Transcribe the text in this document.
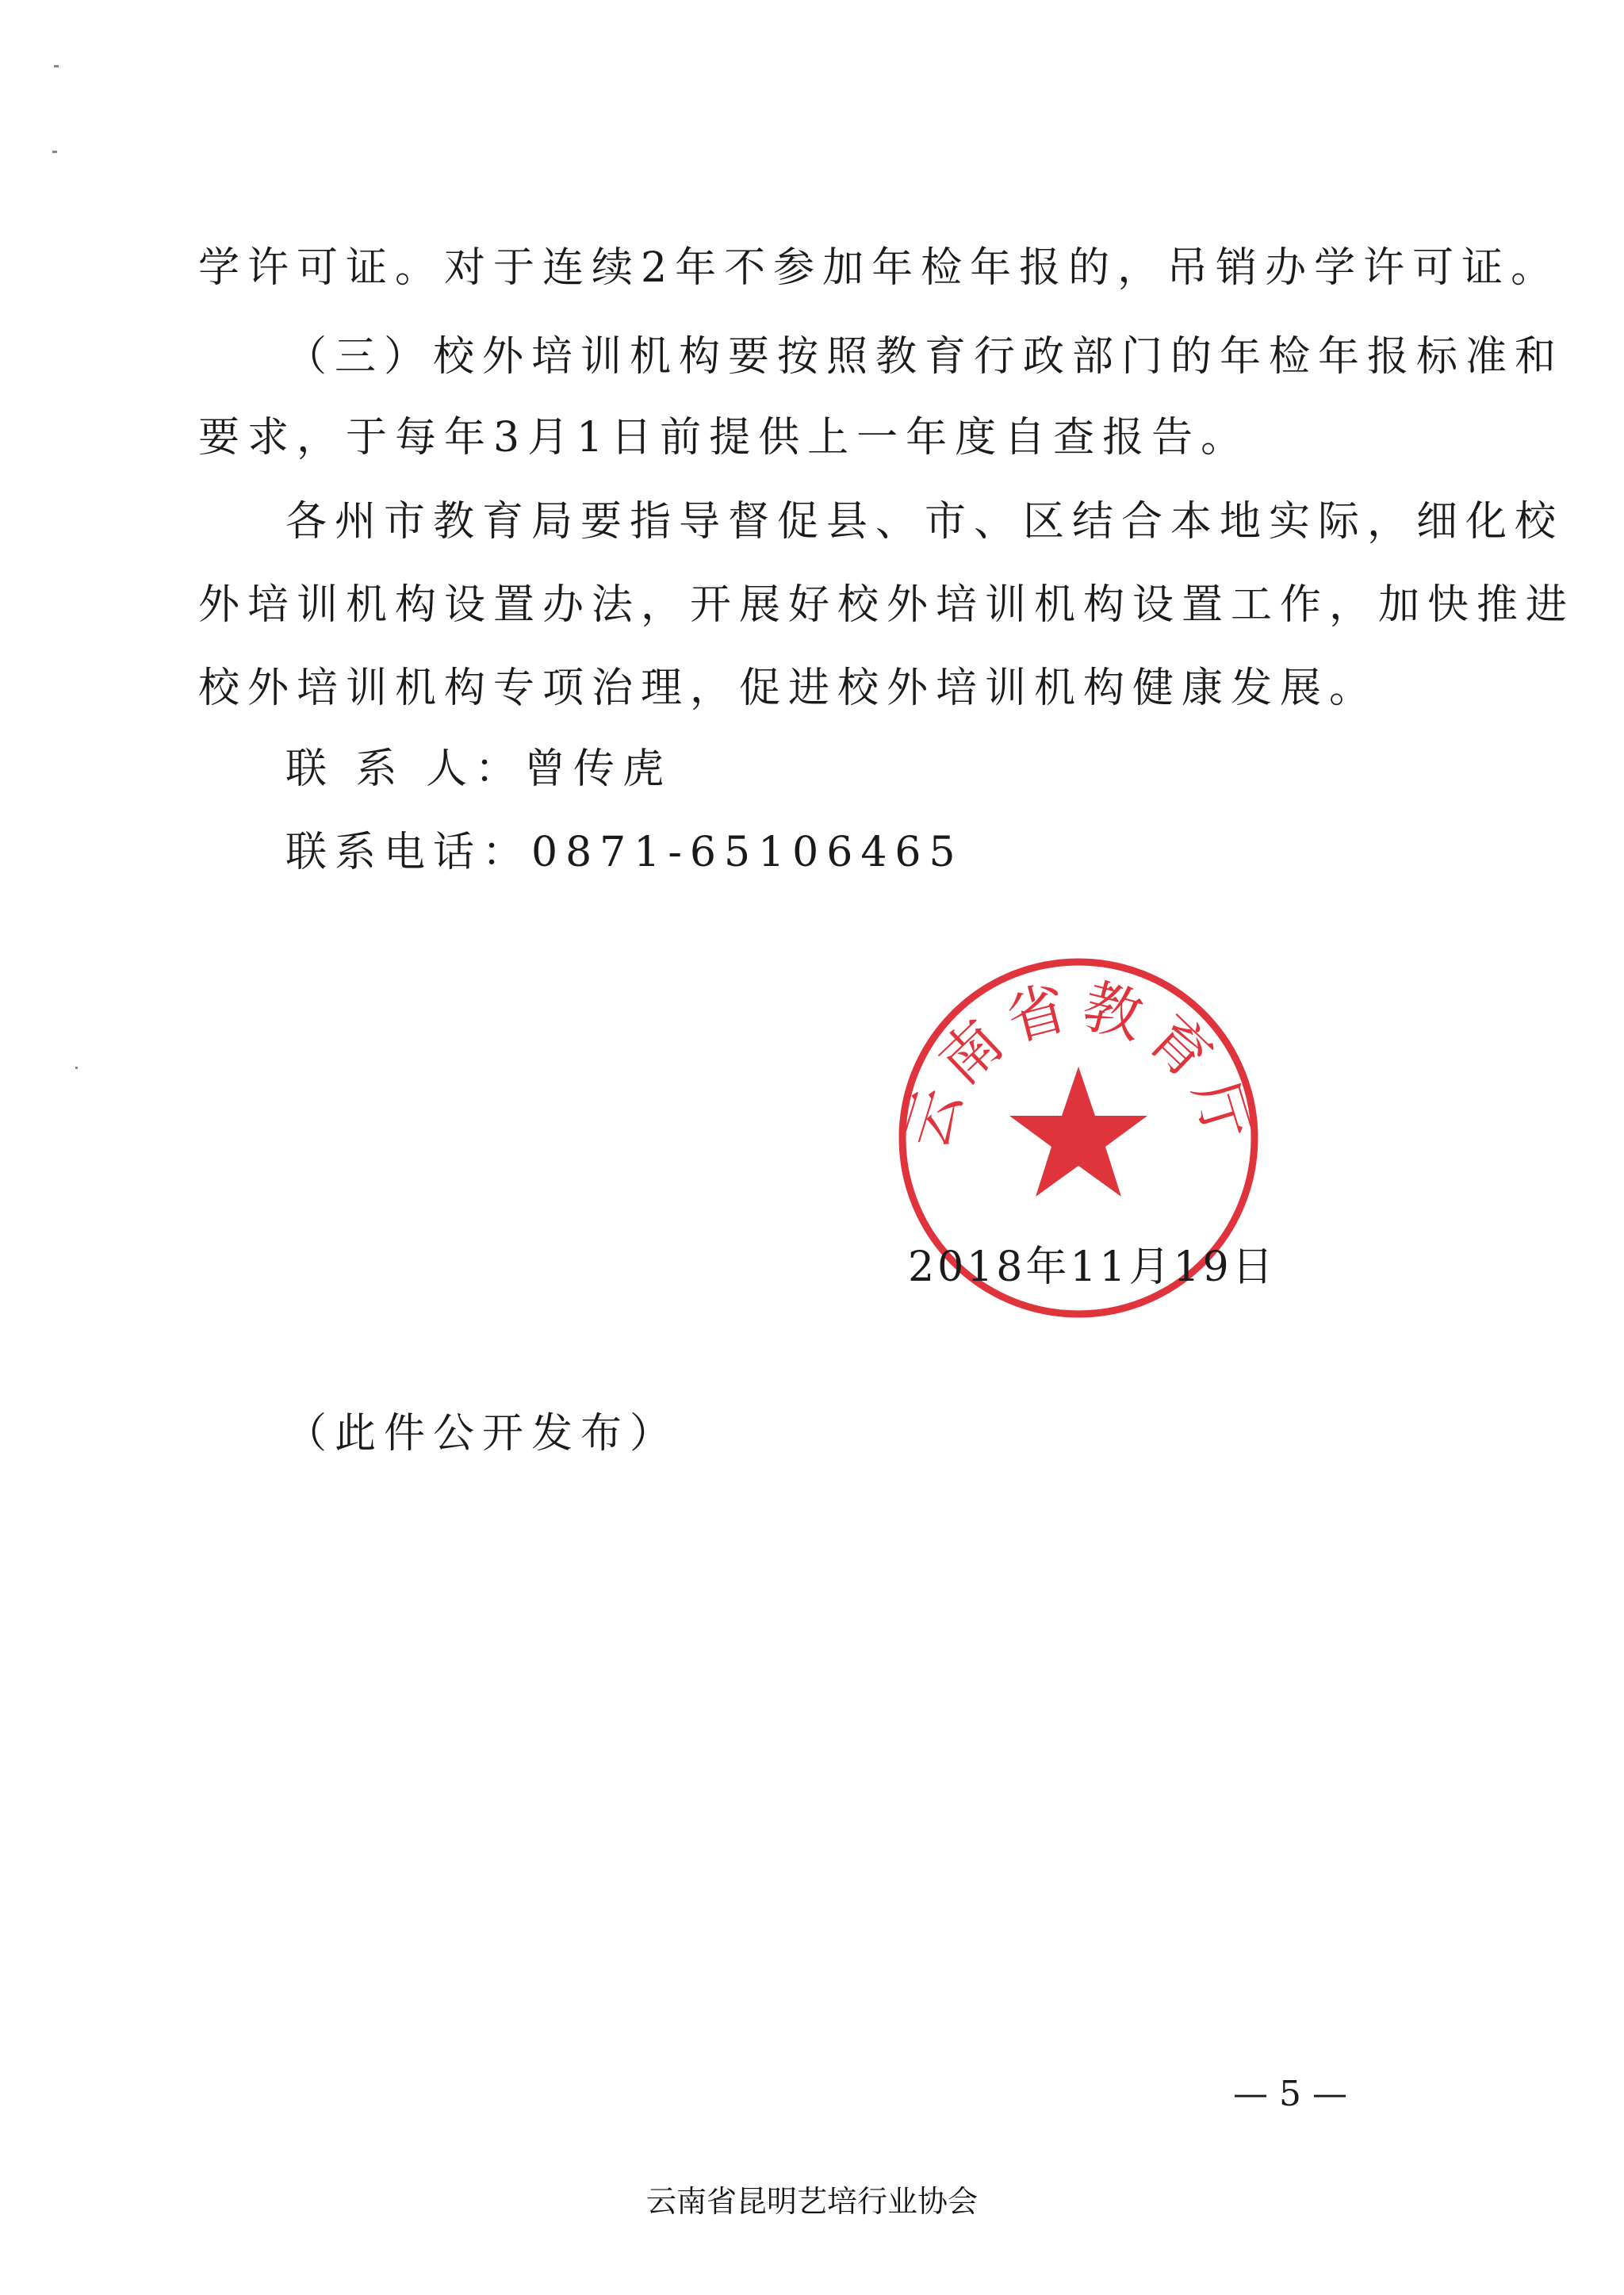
学许可证。对于连续2年不参加年检年报的，吊销办学许可证。
（三）校外培训机构要按照教育行政部门的年检年报标准和
要求，于每年3月1日前提供上一年度自查报告。
各州市教育局要指导督促县、市、区结合本地实际，细化校
外培训机构设置办法，开展好校外培训机构设置工作，加快推进
校外培训机构专项治理，促进校外培训机构健康发展。
联 系 人：曾传虎
联系电话：0871-65106465
云南省教育厅
2018年11月19日
（此件公开发布）
— 5 —
云南省昆明艺培行业协会
